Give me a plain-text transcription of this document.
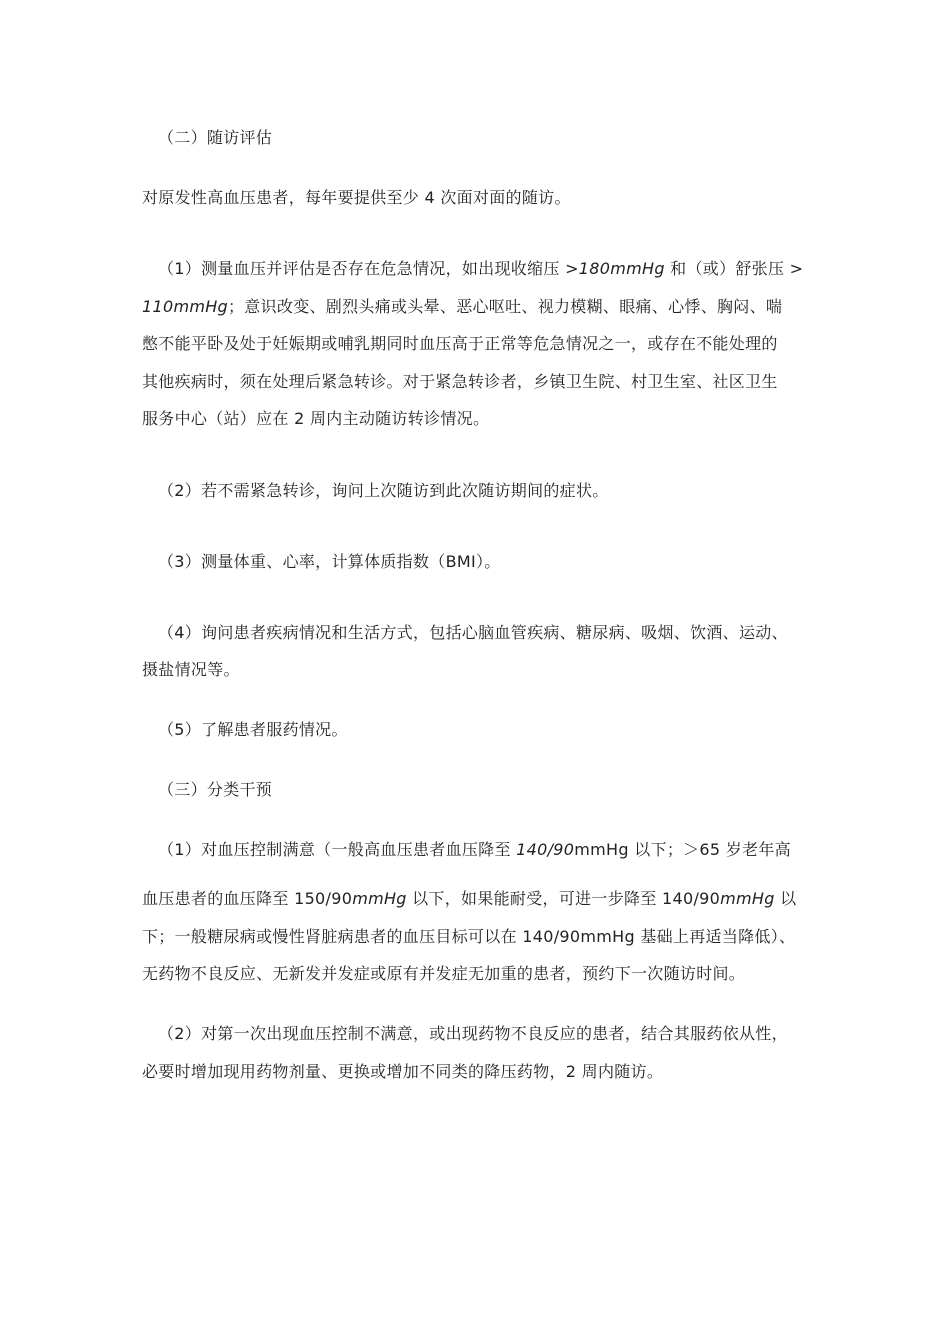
（二）随访评估
对原发性高血压患者，每年要提供至少 4 次面对面的随访。
（1）测量血压并评估是否存在危急情况，如出现收缩压 >180mmHg 和（或）舒张压 >
110mmHg；意识改变、剧烈头痛或头晕、恶心呕吐、视力模糊、眼痛、心悸、胸闷、喘
憋不能平卧及处于妊娠期或哺乳期同时血压高于正常等危急情况之一，或存在不能处理的
其他疾病时，须在处理后紧急转诊。对于紧急转诊者，乡镇卫生院、村卫生室、社区卫生
服务中心（站）应在 2 周内主动随访转诊情况。
（2）若不需紧急转诊，询问上次随访到此次随访期间的症状。
（3）测量体重、心率，计算体质指数（BMI）。
（4）询问患者疾病情况和生活方式，包括心脑血管疾病、糖尿病、吸烟、饮酒、运动、
摄盐情况等。
（5）了解患者服药情况。
（三）分类干预
（1）对血压控制满意（一般高血压患者血压降至 140/90mmHg 以下；＞65 岁老年高
血压患者的血压降至 150/90mmHg 以下，如果能耐受，可进一步降至 140/90mmHg 以
下；一般糖尿病或慢性肾脏病患者的血压目标可以在 140/90mmHg 基础上再适当降低）、
无药物不良反应、无新发并发症或原有并发症无加重的患者，预约下一次随访时间。
（2）对第一次出现血压控制不满意，或出现药物不良反应的患者，结合其服药依从性，
必要时增加现用药物剂量、更换或增加不同类的降压药物，2 周内随访。
